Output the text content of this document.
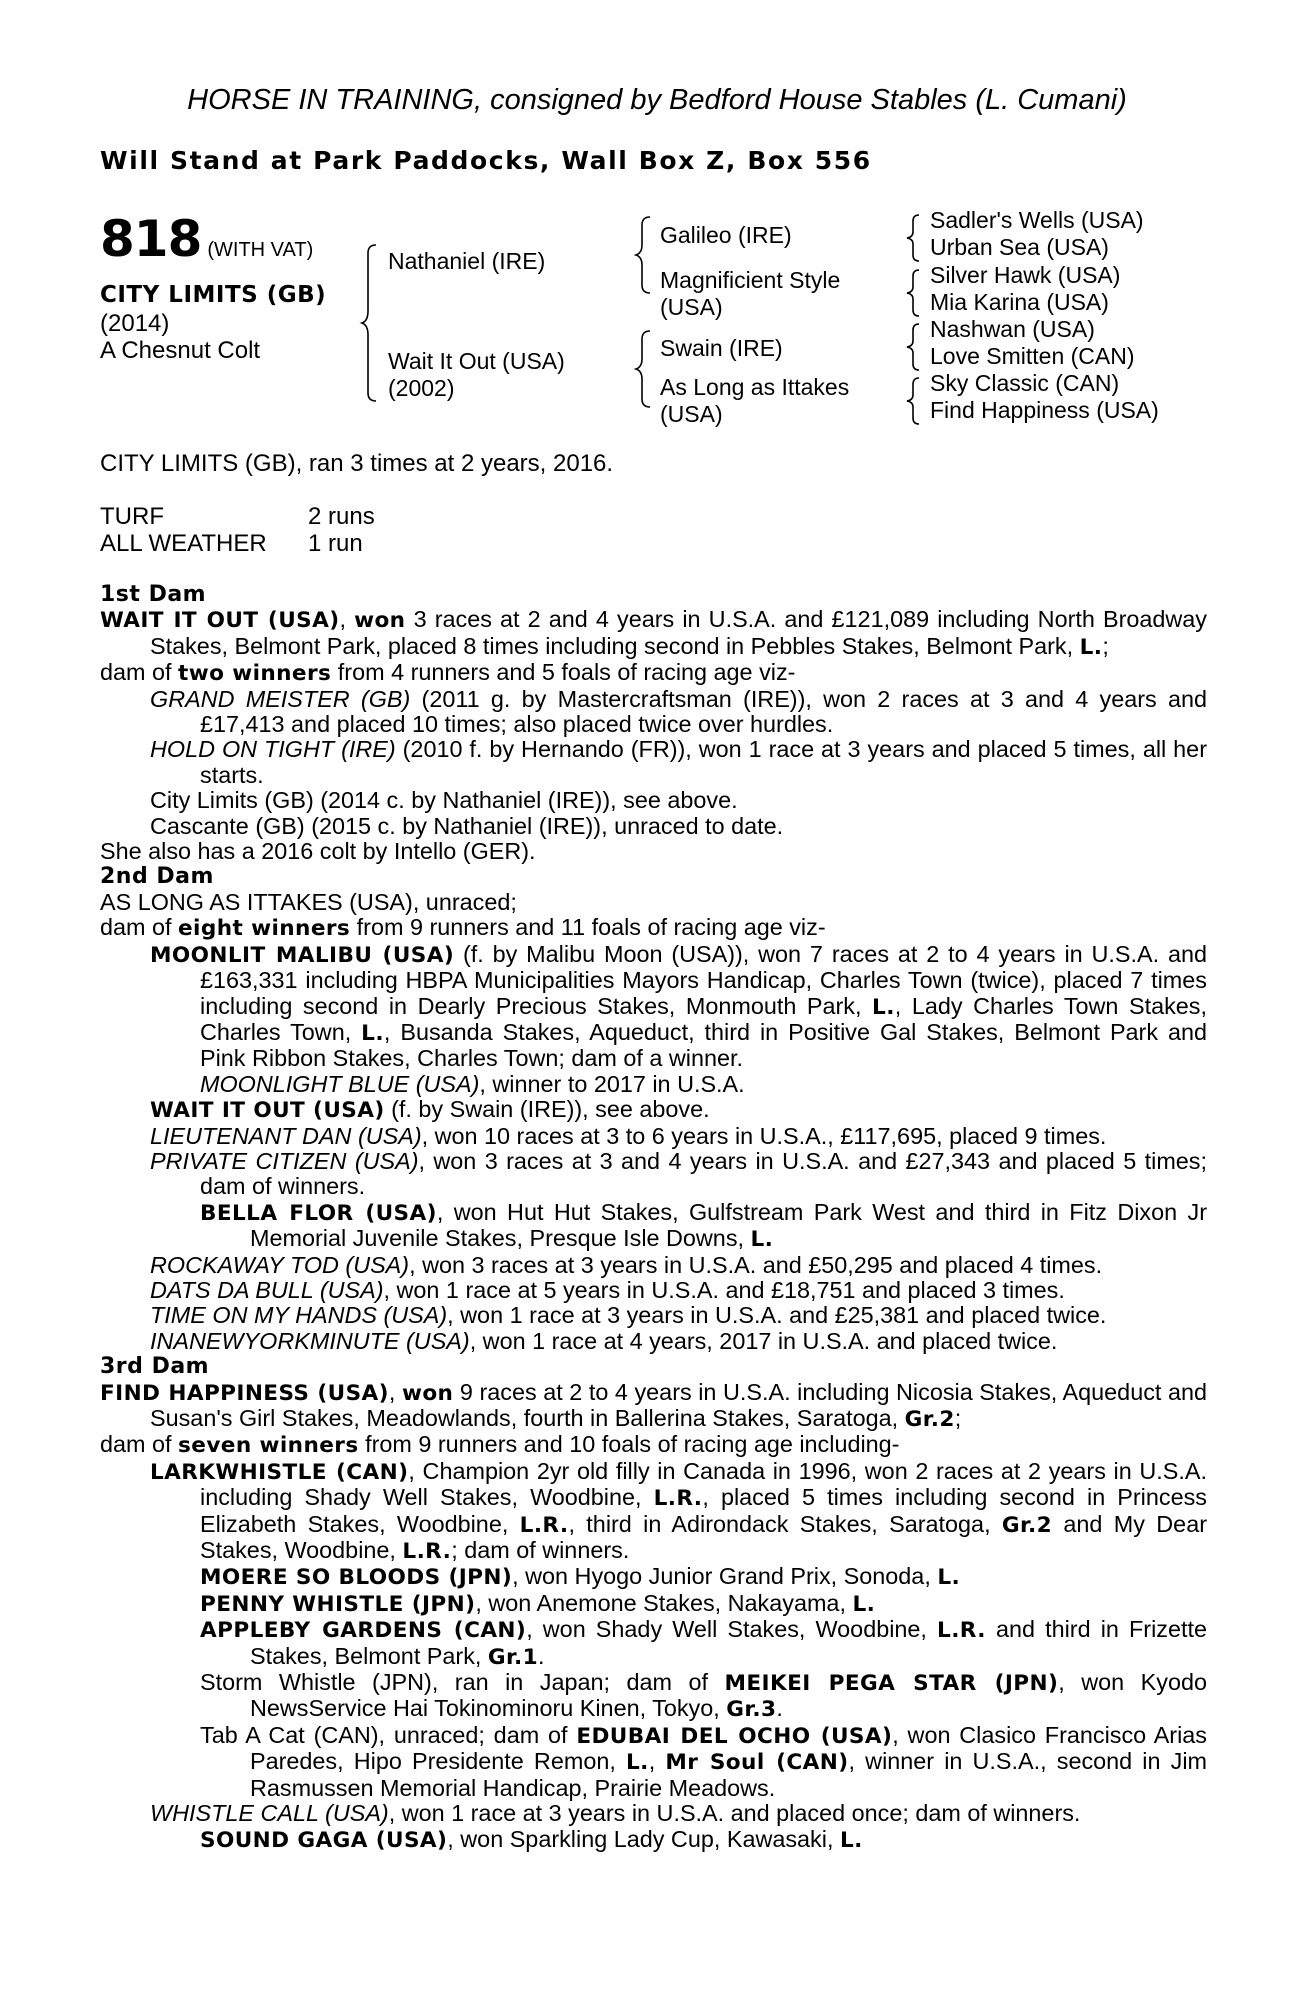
HORSE IN TRAINING, consigned by Bedford House Stables (L. Cumani)
Will Stand at Park Paddocks, Wall Box Z, Box 556
818 (WITH VAT)
CITY LIMITS (GB)
(2014)
A Chesnut Colt
Nathaniel (IRE)
Wait It Out (USA)
(2002)
Galileo (IRE)
Magnificient Style
(USA)
Swain (IRE)
As Long as Ittakes
(USA)
Sadler's Wells (USA)
Urban Sea (USA)
Silver Hawk (USA)
Mia Karina (USA)
Nashwan (USA)
Love Smitten (CAN)
Sky Classic (CAN)
Find Happiness (USA)
CITY LIMITS (GB), ran 3 times at 2 years, 2016.
TURF	2 runs
ALL WEATHER 1 run

1st Dam

WAIT IT OUT (USA), won 3 races at 2 and 4 years in U.S.A. and £121,089 including North Broadway Stakes, Belmont Park, placed 8 times including second in Pebbles Stakes, Belmont Park, L.;

dam of two winners from 4 runners and 5 foals of racing age viz-

GRAND MEISTER (GB) (2011 g. by Mastercraftsman (IRE)), won 2 races at 3 and 4 years and £17,413 and placed 10 times; also placed twice over hurdles.

HOLD ON TIGHT (IRE) (2010 f. by Hernando (FR)), won 1 race at 3 years and placed 5 times, all her starts.

City Limits (GB) (2014 c. by Nathaniel (IRE)), see above.

Cascante (GB) (2015 c. by Nathaniel (IRE)), unraced to date.

She also has a 2016 colt by Intello (GER).

2nd Dam

AS LONG AS ITTAKES (USA), unraced;

dam of eight winners from 9 runners and 11 foals of racing age viz-

MOONLIT MALIBU (USA) (f. by Malibu Moon (USA)), won 7 races at 2 to 4 years in U.S.A. and £163,331 including HBPA Municipalities Mayors Handicap, Charles Town (twice), placed 7 times including second in Dearly Precious Stakes, Monmouth Park, L., Lady Charles Town Stakes, Charles Town, L., Busanda Stakes, Aqueduct, third in Positive Gal Stakes, Belmont Park and Pink Ribbon Stakes, Charles Town; dam of a winner.

MOONLIGHT BLUE (USA), winner to 2017 in U.S.A.

WAIT IT OUT (USA) (f. by Swain (IRE)), see above.

LIEUTENANT DAN (USA), won 10 races at 3 to 6 years in U.S.A., £117,695, placed 9 times.

PRIVATE CITIZEN (USA), won 3 races at 3 and 4 years in U.S.A. and £27,343 and placed 5 times; dam of winners.

BELLA FLOR (USA), won Hut Hut Stakes, Gulfstream Park West and third in Fitz Dixon Jr Memorial Juvenile Stakes, Presque Isle Downs, L.

ROCKAWAY TOD (USA), won 3 races at 3 years in U.S.A. and £50,295 and placed 4 times.

DATS DA BULL (USA), won 1 race at 5 years in U.S.A. and £18,751 and placed 3 times.

TIME ON MY HANDS (USA), won 1 race at 3 years in U.S.A. and £25,381 and placed twice.

INANEWYORKMINUTE (USA), won 1 race at 4 years, 2017 in U.S.A. and placed twice.

3rd Dam

FIND HAPPINESS (USA), won 9 races at 2 to 4 years in U.S.A. including Nicosia Stakes, Aqueduct and Susan's Girl Stakes, Meadowlands, fourth in Ballerina Stakes, Saratoga, Gr.2;

dam of seven winners from 9 runners and 10 foals of racing age including-

LARKWHISTLE (CAN), Champion 2yr old filly in Canada in 1996, won 2 races at 2 years in U.S.A. including Shady Well Stakes, Woodbine, L.R., placed 5 times including second in Princess Elizabeth Stakes, Woodbine, L.R., third in Adirondack Stakes, Saratoga, Gr.2 and My Dear Stakes, Woodbine, L.R.; dam of winners.

MOERE SO BLOODS (JPN), won Hyogo Junior Grand Prix, Sonoda, L.

PENNY WHISTLE (JPN), won Anemone Stakes, Nakayama, L.

APPLEBY GARDENS (CAN), won Shady Well Stakes, Woodbine, L.R. and third in Frizette Stakes, Belmont Park, Gr.1.

Storm Whistle (JPN), ran in Japan; dam of MEIKEI PEGA STAR (JPN), won Kyodo NewsService Hai Tokinominoru Kinen, Tokyo, Gr.3.

Tab A Cat (CAN), unraced; dam of EDUBAI DEL OCHO (USA), won Clasico Francisco Arias Paredes, Hipo Presidente Remon, L., Mr Soul (CAN), winner in U.S.A., second in Jim Rasmussen Memorial Handicap, Prairie Meadows.

WHISTLE CALL (USA), won 1 race at 3 years in U.S.A. and placed once; dam of winners.

SOUND GAGA (USA), won Sparkling Lady Cup, Kawasaki, L.
